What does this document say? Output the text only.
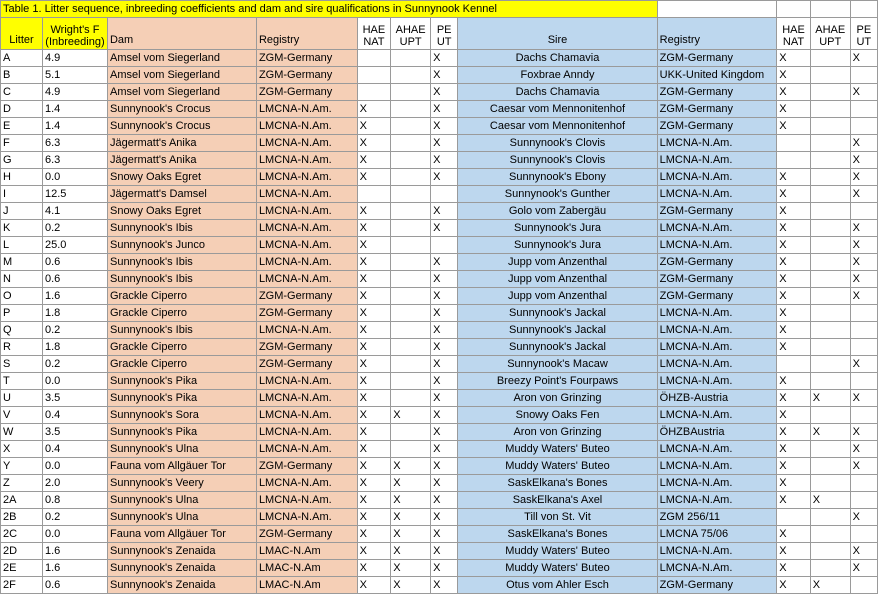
Table 1. Litter sequence, inbreeding coefficients and dam and sire qualifications in Sunnynook Kennel											
Litter	Wright's F
(Inbreeding)	Dam	Registry	HAE
NAT	AHAE
UPT	PE
UT	Sire	Registry	HAE
NAT	AHAE
UPT	PE
UT

A	4.9	Amsel vom Siegerland	ZGM-Germany			X	Dachs Chamavia	ZGM-Germany	X		X
B	5.1	Amsel vom Siegerland	ZGM-Germany			X	Foxbrae Anndy	UKK-United Kingdom	X		
C	4.9	Amsel vom Siegerland	ZGM-Germany			X	Dachs Chamavia	ZGM-Germany	X		X
D	1.4	Sunnynook's Crocus	LMCNA-N.Am.	X		X	Caesar vom Mennonitenhof	ZGM-Germany	X		
E	1.4	Sunnynook's Crocus	LMCNA-N.Am.	X		X	Caesar vom Mennonitenhof	ZGM-Germany	X		
F	6.3	Jägermatt's Anika	LMCNA-N.Am.	X		X	Sunnynook's Clovis	LMCNA-N.Am.			X
G	6.3	Jägermatt's Anika	LMCNA-N.Am.	X		X	Sunnynook's Clovis	LMCNA-N.Am.			X
H	0.0	Snowy Oaks Egret	LMCNA-N.Am.	X		X	Sunnynook's Ebony	LMCNA-N.Am.	X		X
I	12.5	Jägermatt's Damsel	LMCNA-N.Am.				Sunnynook's Gunther	LMCNA-N.Am.	X		X
J	4.1	Snowy Oaks Egret	LMCNA-N.Am.	X		X	Golo vom Zabergäu	ZGM-Germany	X		
K	0.2	Sunnynook's Ibis	LMCNA-N.Am.	X		X	Sunnynook's Jura	LMCNA-N.Am.	X		X
L	25.0	Sunnynook's Junco	LMCNA-N.Am.	X			Sunnynook's Jura	LMCNA-N.Am.	X		X
M	0.6	Sunnynook's Ibis	LMCNA-N.Am.	X		X	Jupp vom Anzenthal	ZGM-Germany	X		X
N	0.6	Sunnynook's Ibis	LMCNA-N.Am.	X		X	Jupp vom Anzenthal	ZGM-Germany	X		X
O	1.6	Grackle Ciperro	ZGM-Germany	X		X	Jupp vom Anzenthal	ZGM-Germany	X		X
P	1.8	Grackle Ciperro	ZGM-Germany	X		X	Sunnynook's Jackal	LMCNA-N.Am.	X		
Q	0.2	Sunnynook's Ibis	LMCNA-N.Am.	X		X	Sunnynook's Jackal	LMCNA-N.Am.	X		
R	1.8	Grackle Ciperro	ZGM-Germany	X		X	Sunnynook's Jackal	LMCNA-N.Am.	X		
S	0.2	Grackle Ciperro	ZGM-Germany	X		X	Sunnynook's Macaw	LMCNA-N.Am.			X
T	0.0	Sunnynook's Pika	LMCNA-N.Am.	X		X	Breezy Point's Fourpaws	LMCNA-N.Am.	X		
U	3.5	Sunnynook's Pika	LMCNA-N.Am.	X		X	Aron von Grinzing	ÖHZB-Austria	X	X	X
V	0.4	Sunnynook's Sora	LMCNA-N.Am.	X	X	X	Snowy Oaks Fen	LMCNA-N.Am.	X		
W	3.5	Sunnynook's Pika	LMCNA-N.Am.	X		X	Aron von Grinzing	ÖHZBAustria	X	X	X
X	0.4	Sunnynook's Ulna	LMCNA-N.Am.	X		X	Muddy Waters' Buteo	LMCNA-N.Am.	X		X
Y	0.0	Fauna vom Allgäuer Tor	ZGM-Germany	X	X	X	Muddy Waters' Buteo	LMCNA-N.Am.	X		X
Z	2.0	Sunnynook's Veery	LMCNA-N.Am.	X	X	X	SaskElkana's Bones	LMCNA-N.Am.	X		
2A	0.8	Sunnynook's Ulna	LMCNA-N.Am.	X	X	X	SaskElkana's Axel	LMCNA-N.Am.	X	X	
2B	0.2	Sunnynook's Ulna	LMCNA-N.Am.	X	X	X	Till von St. Vit	ZGM 256/11			X
2C	0.0	Fauna vom Allgäuer Tor	ZGM-Germany	X	X	X	SaskElkana's Bones	LMCNA 75/06	X		
2D	1.6	Sunnynook's Zenaida	LMAC-N.Am	X	X	X	Muddy Waters' Buteo	LMCNA-N.Am.	X		X
2E	1.6	Sunnynook's Zenaida	LMAC-N.Am	X	X	X	Muddy Waters' Buteo	LMCNA-N.Am.	X		X
2F	0.6	Sunnynook's Zenaida	LMAC-N.Am	X	X	X	Otus vom Ahler Esch	ZGM-Germany	X	X	
